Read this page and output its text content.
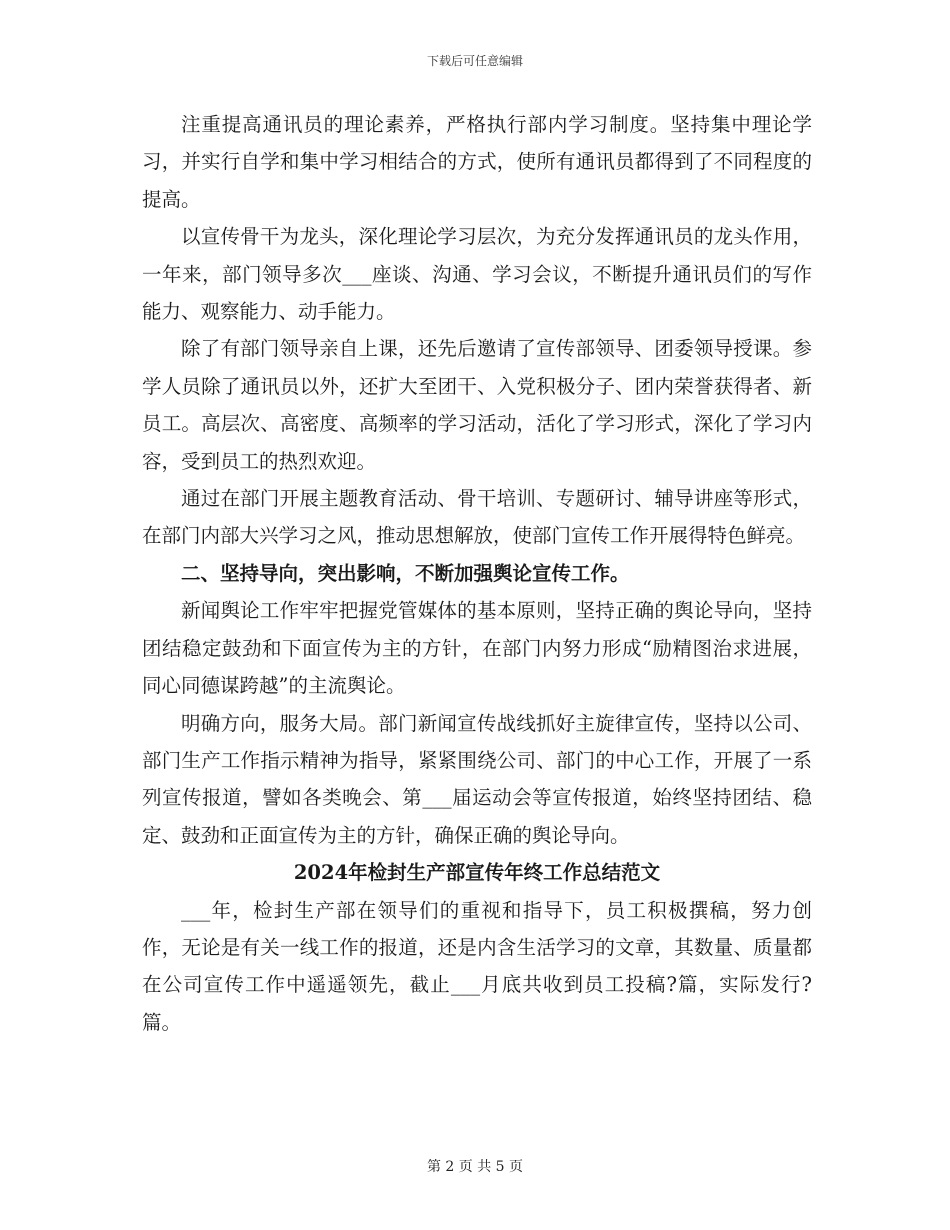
下载后可任意编辑

注重提高通讯员的理论素养，严格执行部内学习制度。坚持集中理论学习，并实行自学和集中学习相结合的方式，使所有通讯员都得到了不同程度的提高。

以宣传骨干为龙头，深化理论学习层次，为充分发挥通讯员的龙头作用，一年来，部门领导多次___座谈、沟通、学习会议，不断提升通讯员们的写作能力、观察能力、动手能力。

除了有部门领导亲自上课，还先后邀请了宣传部领导、团委领导授课。参学人员除了通讯员以外，还扩大至团干、入党积极分子、团内荣誉获得者、新员工。高层次、高密度、高频率的学习活动，活化了学习形式，深化了学习内容，受到员工的热烈欢迎。

通过在部门开展主题教育活动、骨干培训、专题研讨、辅导讲座等形式，在部门内部大兴学习之风，推动思想解放，使部门宣传工作开展得特色鲜亮。

二、坚持导向，突出影响，不断加强舆论宣传工作。

新闻舆论工作牢牢把握党管媒体的基本原则，坚持正确的舆论导向，坚持团结稳定鼓劲和下面宣传为主的方针，在部门内努力形成“励精图治求进展，同心同德谋跨越”的主流舆论。

明确方向，服务大局。部门新闻宣传战线抓好主旋律宣传，坚持以公司、部门生产工作指示精神为指导，紧紧围绕公司、部门的中心工作，开展了一系列宣传报道，譬如各类晚会、第___届运动会等宣传报道，始终坚持团结、稳定、鼓劲和正面宣传为主的方针，确保正确的舆论导向。

2024年检封生产部宣传年终工作总结范文

___年，检封生产部在领导们的重视和指导下，员工积极撰稿，努力创作，无论是有关一线工作的报道，还是内含生活学习的文章，其数量、质量都在公司宣传工作中遥遥领先，截止___月底共收到员工投稿?篇，实际发行?篇。

第 2 页 共 5 页
